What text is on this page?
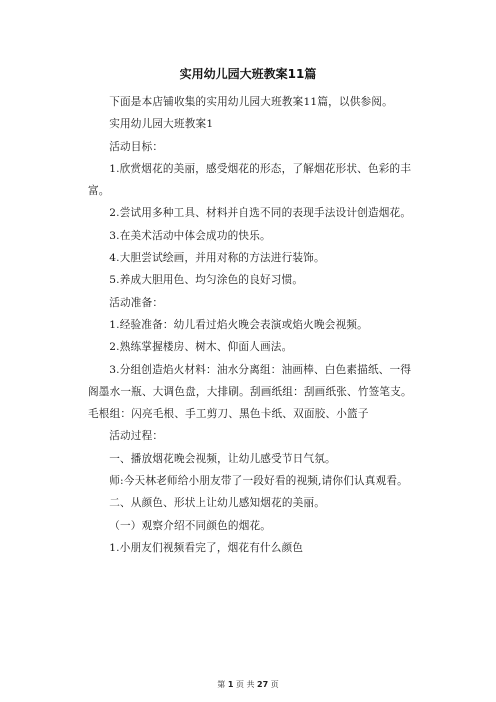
实用幼儿园大班教案11篇

下面是本店铺收集的实用幼儿园大班教案11篇，以供参阅。

实用幼儿园大班教案1

活动目标：

1.欣赏烟花的美丽，感受烟花的形态，了解烟花形状、色彩的丰富。

2.尝试用多种工具、材料并自选不同的表现手法设计创造烟花。

3.在美术活动中体会成功的快乐。

4.大胆尝试绘画，并用对称的方法进行装饰。

5.养成大胆用色、均匀涂色的良好习惯。

活动准备：

1.经验准备：幼儿看过焰火晚会表演或焰火晚会视频。

2.熟练掌握楼房、树木、仰面人画法。

3.分组创造焰火材料：油水分离组：油画棒、白色素描纸、一得阁墨水一瓶、大调色盘，大排刷。刮画纸组：刮画纸张、竹签笔支。毛根组：闪亮毛根、手工剪刀、黑色卡纸、双面胶、小篮子

活动过程：

一、播放烟花晚会视频，让幼儿感受节日气氛。

师:今天林老师给小朋友带了一段好看的视频,请你们认真观看。

二、从颜色、形状上让幼儿感知烟花的美丽。

（一）观察介绍不同颜色的烟花。

1.小朋友们视频看完了，烟花有什么颜色

第 1 页 共 27 页
